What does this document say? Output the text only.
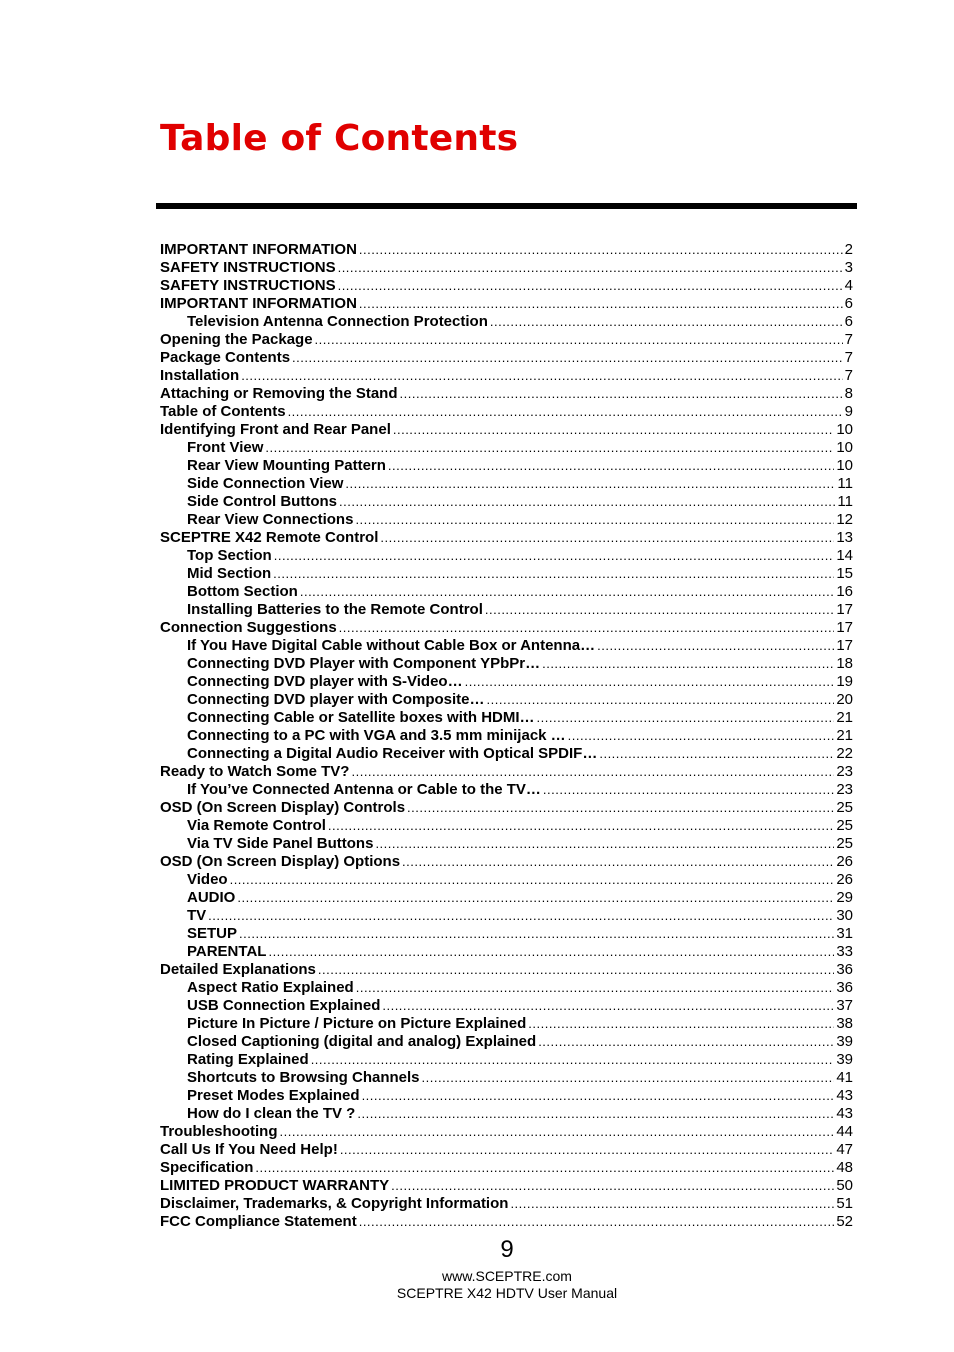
Table of Contents
IMPORTANT INFORMATION .....	2
SAFETY INSTRUCTIONS .....	3
SAFETY INSTRUCTIONS .....	4
IMPORTANT INFORMATION .....	6
Television Antenna Connection Protection .....	6
Opening the Package .....	7
Package Contents .....	7
Installation .....	7
Attaching or Removing the Stand .....	8
Table of Contents .....	9
Identifying Front and Rear Panel .....	10
Front View .....	10
Rear View Mounting Pattern .....	10
Side Connection View .....	11
Side Control Buttons .....	11
Rear View Connections .....	12
SCEPTRE X42 Remote Control .....	13
Top Section .....	14
Mid Section .....	15
Bottom Section .....	16
Installing Batteries to the Remote Control .....	17
Connection Suggestions .....	17
If You Have Digital Cable without Cable Box or Antenna… .....	17
Connecting DVD Player with Component YPbPr… .....	18
Connecting DVD player with S-Video… .....	19
Connecting DVD player with Composite… .....	20
Connecting Cable or Satellite boxes with HDMI… .....	21
Connecting to a PC with VGA and 3.5 mm minijack … .....	21
Connecting a Digital Audio Receiver with Optical SPDIF… .....	22
Ready to Watch Some TV? .....	23
If You’ve Connected Antenna or Cable to the TV… .....	23
OSD (On Screen Display) Controls .....	25
Via Remote Control .....	25
Via TV Side Panel Buttons .....	25
OSD (On Screen Display) Options .....	26
Video .....	26
AUDIO .....	29
TV .....	30
SETUP .....	31
PARENTAL .....	33
Detailed Explanations .....	36
Aspect Ratio Explained .....	36
USB Connection Explained .....	37
Picture In Picture / Picture on Picture Explained .....	38
Closed Captioning (digital and analog) Explained .....	39
Rating Explained .....	39
Shortcuts to Browsing Channels .....	41
Preset Modes Explained .....	43
How do I clean the TV ? .....	43
Troubleshooting .....	44
Call Us If You Need Help! .....	47
Specification .....	48
LIMITED PRODUCT WARRANTY .....	50
Disclaimer, Trademarks, & Copyright Information .....	51
FCC Compliance Statement .....	52
9
www.SCEPTRE.com
SCEPTRE X42 HDTV User Manual
